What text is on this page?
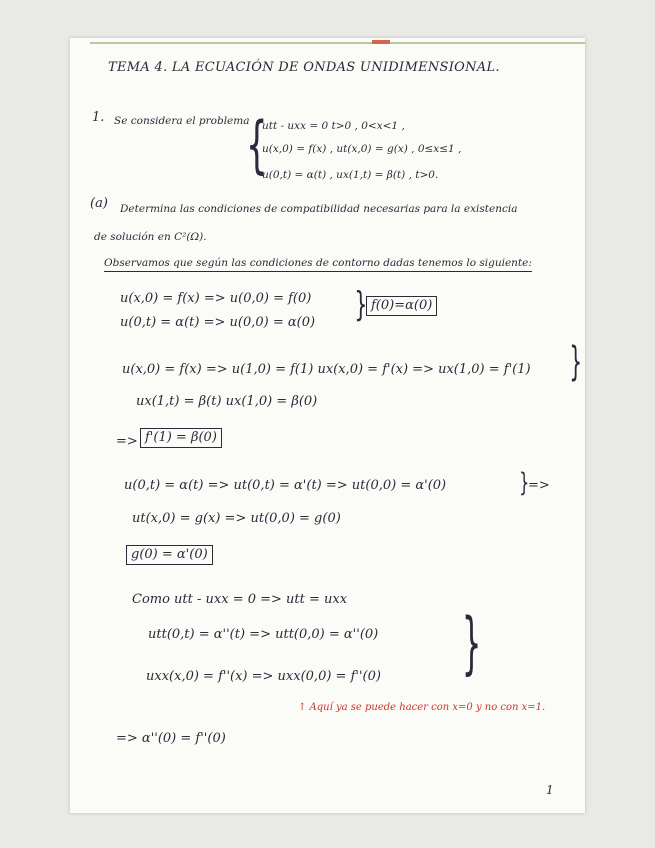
TEMA 4. LA ECUACIÓN DE ONDAS UNIDIMENSIONAL.
1. Se considera el problema
{
utt - uxx = 0 t>0 , 0<x<1 ,
u(x,0) = f(x) , ut(x,0) = g(x) , 0≤x≤1 ,
u(0,t) = α(t) , ux(1,t) = β(t) , t>0.
(a) Determina las condiciones de compatibilidad necesarias para la existencia
de solución en C²(Ω).
Observamos que según las condiciones de contorno dadas tenemos lo siguiente:
u(x,0) = f(x) => u(0,0) = f(0)
u(0,t) = α(t) => u(0,0) = α(0) } f(0)=α(0)
u(x,0) = f(x) => u(1,0) = f(1) ux(x,0) = f'(x) => ux(1,0) = f'(1) }
ux(1,t) = β(t) ux(1,0) = β(0)
=> f'(1) = β(0)
u(0,t) = α(t) => ut(0,t) = α'(t) => ut(0,0) = α'(0)	}
=>
ut(x,0) = g(x) => ut(0,0) = g(0)
g(0) = α'(0)
Como utt - uxx = 0 => utt = uxx
utt(0,t) = α''(t) => utt(0,0) = α''(0)
uxx(x,0) = f''(x) => uxx(0,0) = f''(0) }
↑ Aquí ya se puede hacer con x=0 y no con x=1.
=> α''(0) = f''(0)
1
